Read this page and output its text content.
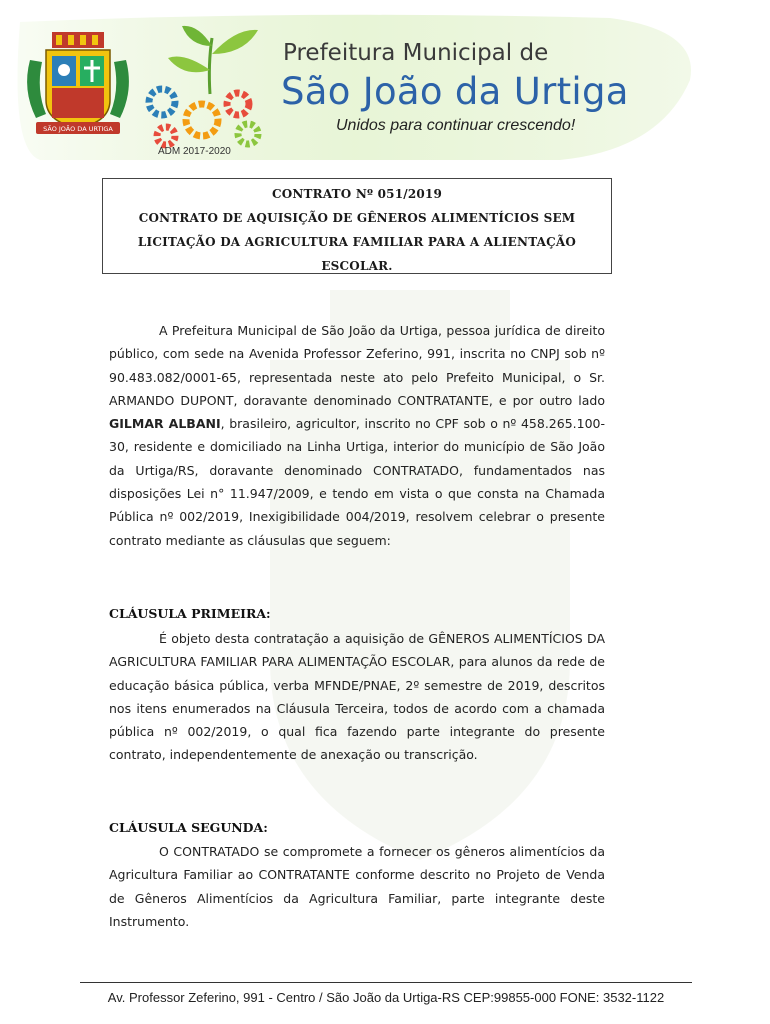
SÃO JOÃO DA URTIGA
ADM 2017-2020
Prefeitura Municipal de
São João da Urtiga
Unidos para continuar crescendo!
CONTRATO Nº 051/2019
CONTRATO DE AQUISIÇÃO DE GÊNEROS ALIMENTÍCIOS SEM
LICITAÇÃO DA AGRICULTURA FAMILIAR PARA A ALIENTAÇÃO
ESCOLAR.

A Prefeitura Municipal de São João da Urtiga, pessoa jurídica de direito público, com sede na Avenida Professor Zeferino, 991, inscrita no CNPJ sob nº 90.483.082/0001-65, representada neste ato pelo Prefeito Municipal, o Sr. ARMANDO DUPONT, doravante denominado CONTRATANTE, e por outro lado GILMAR ALBANI, brasileiro, agricultor, inscrito no CPF sob o nº 458.265.100-30, residente e domiciliado na Linha Urtiga, interior do município de São João da Urtiga/RS, doravante denominado CONTRATADO, fundamentados nas disposições Lei n° 11.947/2009, e tendo em vista o que consta na Chamada Pública nº 002/2019, Inexigibilidade 004/2019, resolvem celebrar o presente contrato mediante as cláusulas que seguem:

CLÁUSULA PRIMEIRA:

É objeto desta contratação a aquisição de GÊNEROS ALIMENTÍCIOS DA AGRICULTURA FAMILIAR PARA ALIMENTAÇÃO ESCOLAR, para alunos da rede de educação básica pública, verba MFNDE/PNAE, 2º semestre de 2019, descritos nos itens enumerados na Cláusula Terceira, todos de acordo com a chamada pública nº 002/2019, o qual fica fazendo parte integrante do presente contrato, independentemente de anexação ou transcrição.

CLÁUSULA SEGUNDA:

O CONTRATADO se compromete a fornecer os gêneros alimentícios da Agricultura Familiar ao CONTRATANTE conforme descrito no Projeto de Venda de Gêneros Alimentícios da Agricultura Familiar, parte integrante deste Instrumento.

Av. Professor Zeferino, 991 - Centro / São João da Urtiga-RS CEP:99855-000 FONE: 3532-1122
